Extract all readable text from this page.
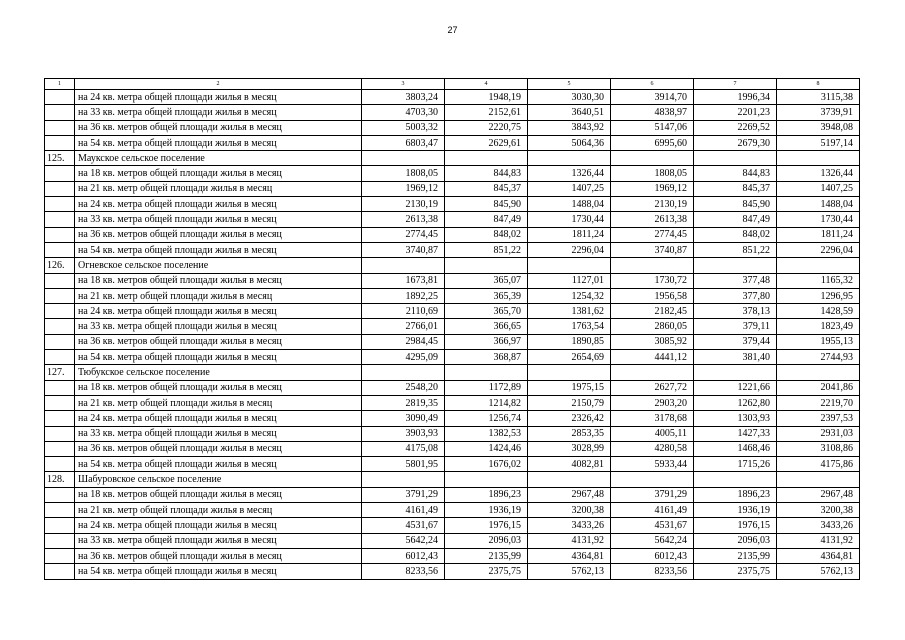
27
1	2	3	4	5	6	7	8
	на 24 кв. метра общей площади жилья в месяц	3803,24	1948,19	3030,30	3914,70	1996,34	3115,38
	на 33 кв. метра общей площади жилья в месяц	4703,30	2152,61	3640,51	4838,97	2201,23	3739,91
	на 36 кв. метров общей площади жилья в месяц	5003,32	2220,75	3843,92	5147,06	2269,52	3948,08
	на 54 кв. метра общей площади жилья в месяц	6803,47	2629,61	5064,36	6995,60	2679,30	5197,14
125.	Маукское сельское поселение						
	на 18 кв. метров общей площади жилья в месяц	1808,05	844,83	1326,44	1808,05	844,83	1326,44
	на 21 кв. метр общей площади жилья в месяц	1969,12	845,37	1407,25	1969,12	845,37	1407,25
	на 24 кв. метра общей площади жилья в месяц	2130,19	845,90	1488,04	2130,19	845,90	1488,04
	на 33 кв. метра общей площади жилья в месяц	2613,38	847,49	1730,44	2613,38	847,49	1730,44
	на 36 кв. метров общей площади жилья в месяц	2774,45	848,02	1811,24	2774,45	848,02	1811,24
	на 54 кв. метра общей площади жилья в месяц	3740,87	851,22	2296,04	3740,87	851,22	2296,04
126.	Огневское сельское поселение						
	на 18 кв. метров общей площади жилья в месяц	1673,81	365,07	1127,01	1730,72	377,48	1165,32
	на 21 кв. метр общей площади жилья в месяц	1892,25	365,39	1254,32	1956,58	377,80	1296,95
	на 24 кв. метра общей площади жилья в месяц	2110,69	365,70	1381,62	2182,45	378,13	1428,59
	на 33 кв. метра общей площади жилья в месяц	2766,01	366,65	1763,54	2860,05	379,11	1823,49
	на 36 кв. метров общей площади жилья в месяц	2984,45	366,97	1890,85	3085,92	379,44	1955,13
	на 54 кв. метра общей площади жилья в месяц	4295,09	368,87	2654,69	4441,12	381,40	2744,93
127.	Тюбукское сельское поселение						
	на 18 кв. метров общей площади жилья в месяц	2548,20	1172,89	1975,15	2627,72	1221,66	2041,86
	на 21 кв. метр общей площади жилья в месяц	2819,35	1214,82	2150,79	2903,20	1262,80	2219,70
	на 24 кв. метра общей площади жилья в месяц	3090,49	1256,74	2326,42	3178,68	1303,93	2397,53
	на 33 кв. метра общей площади жилья в месяц	3903,93	1382,53	2853,35	4005,11	1427,33	2931,03
	на 36 кв. метров общей площади жилья в месяц	4175,08	1424,46	3028,99	4280,58	1468,46	3108,86
	на 54 кв. метра общей площади жилья в месяц	5801,95	1676,02	4082,81	5933,44	1715,26	4175,86
128.	Шабуровское сельское поселение						
	на 18 кв. метров общей площади жилья в месяц	3791,29	1896,23	2967,48	3791,29	1896,23	2967,48
	на 21 кв. метр общей площади жилья в месяц	4161,49	1936,19	3200,38	4161,49	1936,19	3200,38
	на 24 кв. метра общей площади жилья в месяц	4531,67	1976,15	3433,26	4531,67	1976,15	3433,26
	на 33 кв. метра общей площади жилья в месяц	5642,24	2096,03	4131,92	5642,24	2096,03	4131,92
	на 36 кв. метров общей площади жилья в месяц	6012,43	2135,99	4364,81	6012,43	2135,99	4364,81
	на 54 кв. метра общей площади жилья в месяц	8233,56	2375,75	5762,13	8233,56	2375,75	5762,13
